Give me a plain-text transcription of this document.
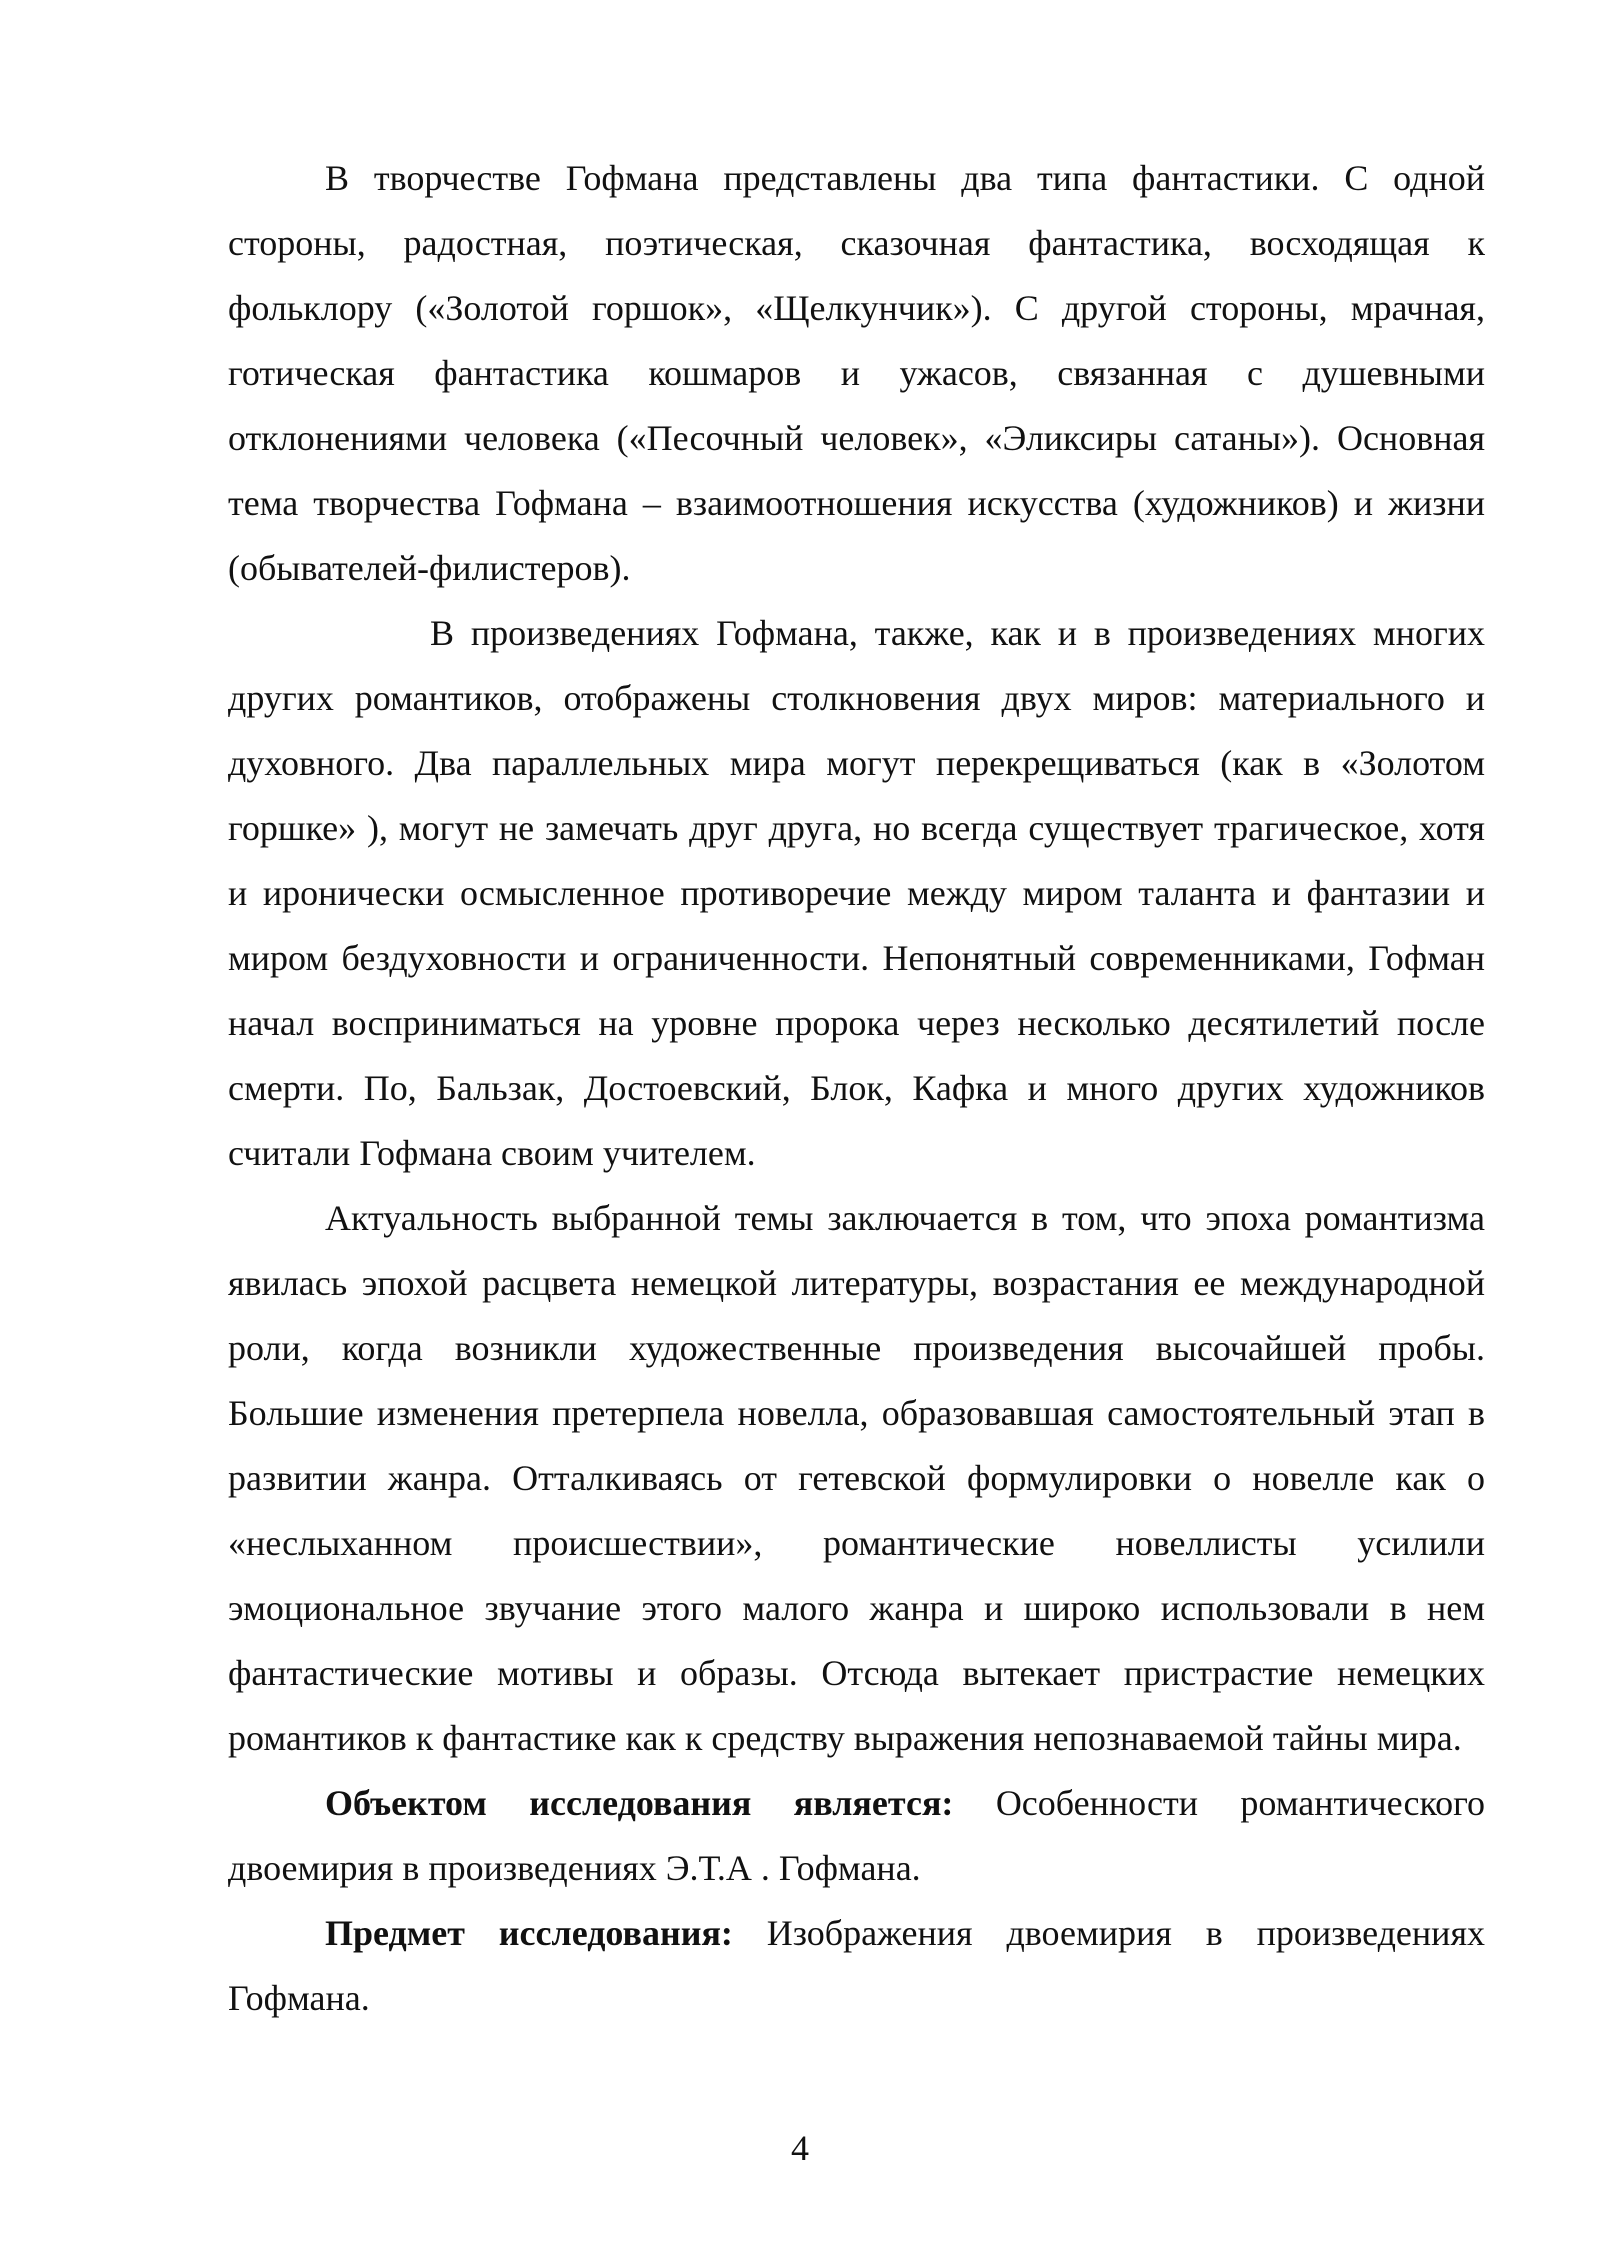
В творчестве Гофмана представлены два типа фантастики. С одной стороны, радостная, поэтическая, сказочная фантастика, восходящая к фольклору («Золотой горшок», «Щелкунчик»). С другой стороны, мрачная, готическая фантастика кошмаров и ужасов, связанная с душевными отклонениями человека («Песочный человек», «Эликсиры сатаны»). Основная тема творчества Гофмана – взаимоотношения искусства (художников) и жизни (обывателей-филистеров).

В произведениях Гофмана, также, как и в произведениях многих других романтиков, отображены столкновения двух миров: материального и духовного. Два параллельных мира могут перекрещиваться (как в «Золотом горшке» ), могут не замечать друг друга, но всегда существует трагическое, хотя и иронически осмысленное противоречие между миром таланта и фантазии и миром бездуховности и ограниченности. Непонятный современниками, Гофман начал восприниматься на уровне пророка через несколько десятилетий после смерти. По, Бальзак, Достоевский, Блок, Кафка и много других художников считали Гофмана своим учителем.

Актуальность выбранной темы заключается в том, что эпоха романтизма явилась эпохой расцвета немецкой литературы, возрастания ее международной роли, когда возникли художественные произведения высочайшей пробы. Большие изменения претерпела новелла, образовавшая самостоятельный этап в развитии жанра. Отталкиваясь от гетевской формулировки о новелле как о «неслыханном происшествии», романтические новеллисты усилили эмоциональное звучание этого малого жанра и широко использовали в нем фантастические мотивы и образы. Отсюда вытекает пристрастие немецких романтиков к фантастике как к средству выражения непознаваемой тайны мира.

Объектом исследования является: Особенности романтического двоемирия в произведениях Э.Т.А . Гофмана.

Предмет исследования: Изображения двоемирия в произведениях Гофмана.

4
